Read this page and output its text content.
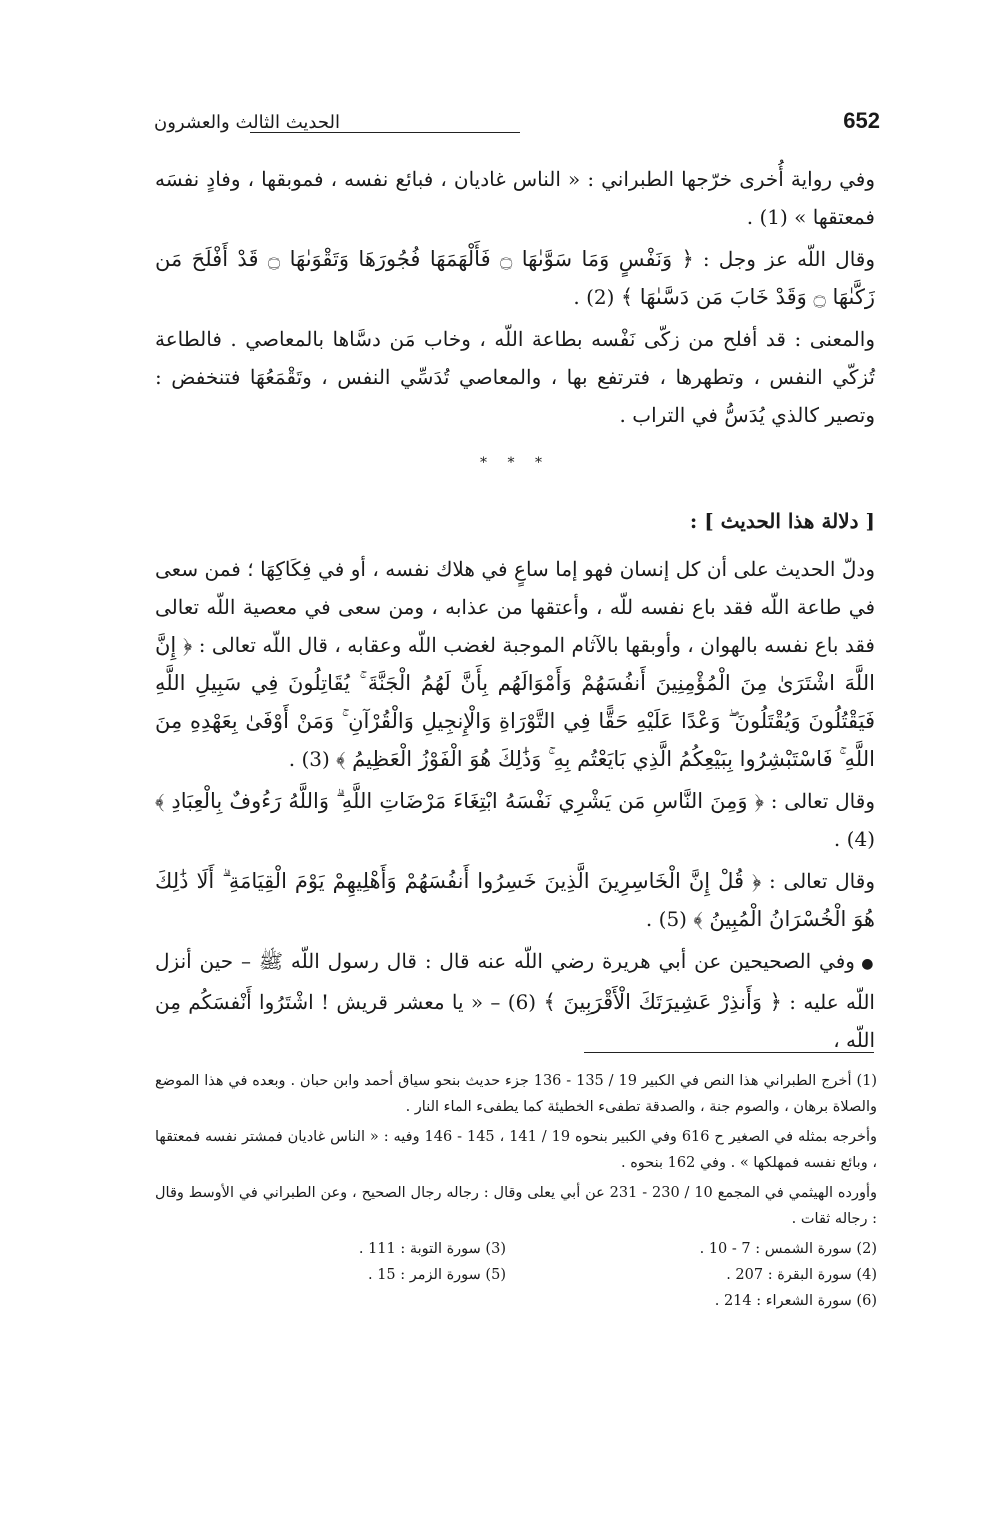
652
الحديث الثالث والعشرون

وفي رواية أُخرى خرّجها الطبراني : « الناس غاديان ، فبائع نفسه ، فموبقها ، وفادٍ نفسَه فمعتقها » (1) .

وقال اللّه عز وجل : ﴿ وَنَفْسٍ وَمَا سَوَّىٰهَا ۝ فَأَلْهَمَهَا فُجُورَهَا وَتَقْوَىٰهَا ۝ قَدْ أَفْلَحَ مَن زَكَّىٰهَا ۝ وَقَدْ خَابَ مَن دَسَّىٰهَا ﴾ (2) .

والمعنى : قد أفلح من زكّى نَفْسه بطاعة اللّه ، وخاب مَن دسَّاها بالمعاصي . فالطاعة تُزكّي النفس ، وتطهرها ، فترتفع بها ، والمعاصي تُدَسِّي النفس ، وتَقْمَعُهَا فتنخفض : وتصير كالذي يُدَسُّ في التراب .

* * *
[ دلالة هذا الحديث ] :

ودلّ الحديث على أن كل إنسان فهو إما ساعٍ في هلاك نفسه ، أو في فِكَاكِهَا ؛ فمن سعى في طاعة اللّه فقد باع نفسه للّه ، وأعتقها من عذابه ، ومن سعى في معصية اللّه تعالى فقد باع نفسه بالهوان ، وأوبقها بالآثام الموجبة لغضب اللّه وعقابه ، قال اللّه تعالى : ﴿ إِنَّ اللَّهَ اشْتَرَىٰ مِنَ الْمُؤْمِنِينَ أَنفُسَهُمْ وَأَمْوَالَهُم بِأَنَّ لَهُمُ الْجَنَّةَ ۚ يُقَاتِلُونَ فِي سَبِيلِ اللَّهِ فَيَقْتُلُونَ وَيُقْتَلُونَ ۖ وَعْدًا عَلَيْهِ حَقًّا فِي التَّوْرَاةِ وَالْإِنجِيلِ وَالْقُرْآنِ ۚ وَمَنْ أَوْفَىٰ بِعَهْدِهِ مِنَ اللَّهِ ۚ فَاسْتَبْشِرُوا بِبَيْعِكُمُ الَّذِي بَايَعْتُم بِهِ ۚ وَذَٰلِكَ هُوَ الْفَوْزُ الْعَظِيمُ ﴾ (3) .

وقال تعالى : ﴿ وَمِنَ النَّاسِ مَن يَشْرِي نَفْسَهُ ابْتِغَاءَ مَرْضَاتِ اللَّهِ ۗ وَاللَّهُ رَءُوفٌ بِالْعِبَادِ ﴾ (4) .

وقال تعالى : ﴿ قُلْ إِنَّ الْخَاسِرِينَ الَّذِينَ خَسِرُوا أَنفُسَهُمْ وَأَهْلِيهِمْ يَوْمَ الْقِيَامَةِ ۗ أَلَا ذَٰلِكَ هُوَ الْخُسْرَانُ الْمُبِينُ ﴾ (5) .

● وفي الصحيحين عن أبي هريرة رضي اللّه عنه قال : قال رسول اللّه ﷺ – حين أنزل اللّه عليه : ﴿ وَأَنذِرْ عَشِيرَتَكَ الْأَقْرَبِينَ ﴾ (6) – « يا معشر قريش ! اشْتَرُوا أَنْفسَكُم مِن اللّه ،

(1) أخرج الطبراني هذا النص في الكبير 19 / 135 - 136 جزء حديث بنحو سياق أحمد وابن حبان . وبعده في هذا الموضع والصلاة برهان ، والصوم جنة ، والصدقة تطفىء الخطيئة كما يطفىء الماء النار .

وأخرجه بمثله في الصغير ح 616 وفي الكبير بنحوه 19 / 141 ، 145 - 146 وفيه : « الناس غاديان فمشتر نفسه فمعتقها ، وبائع نفسه فمهلكها » . وفي 162 بنحوه .

وأورده الهيثمي في المجمع 10 / 230 - 231 عن أبي يعلى وقال : رجاله رجال الصحيح ، وعن الطبراني في الأوسط وقال : رجاله ثقات .

(2) سورة الشمس : 7 - 10 .
(3) سورة التوبة : 111 .
(4) سورة البقرة : 207 .
(5) سورة الزمر : 15 .
(6) سورة الشعراء : 214 .
